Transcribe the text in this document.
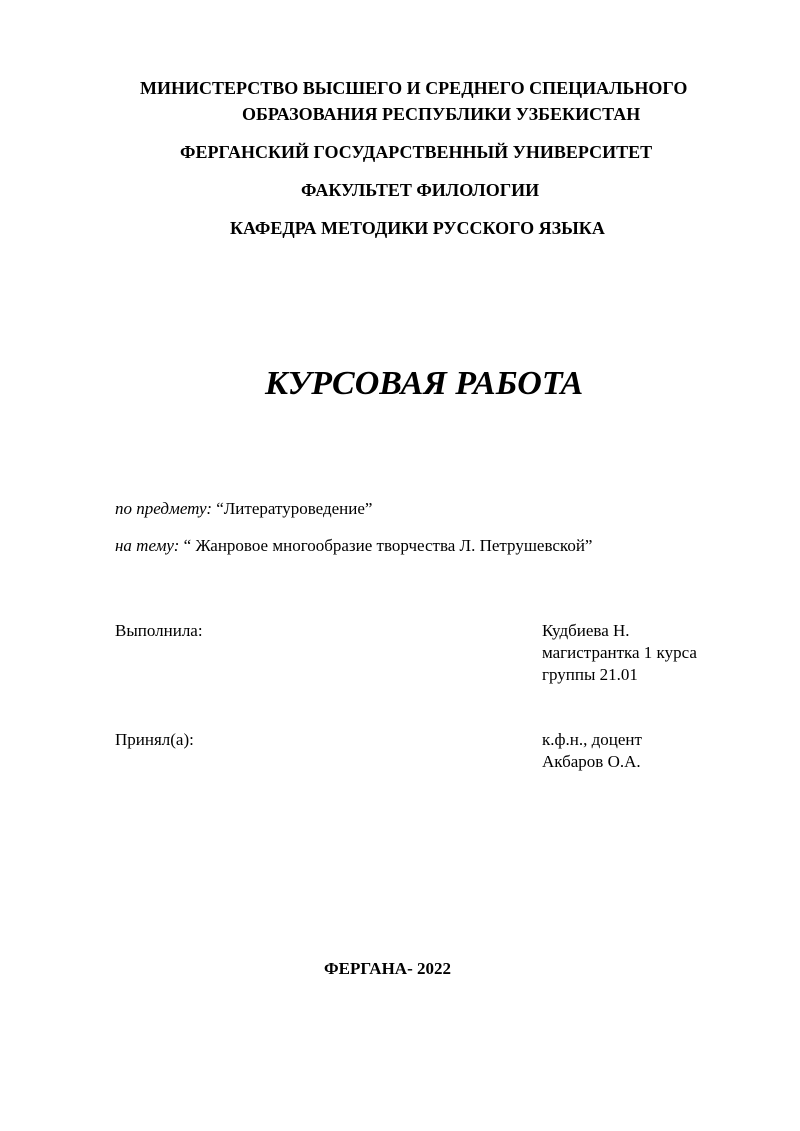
МИНИСТЕРСТВО ВЫСШЕГО И СРЕДНЕГО СПЕЦИАЛЬНОГО
ОБРАЗОВАНИЯ РЕСПУБЛИКИ УЗБЕКИСТАН
ФЕРГАНСКИЙ ГОСУДАРСТВЕННЫЙ УНИВЕРСИТЕТ
ФАКУЛЬТЕТ ФИЛОЛОГИИ
КАФЕДРА МЕТОДИКИ РУССКОГО ЯЗЫКА
КУРСОВАЯ РАБОТА
по предмету: “Литературоведение”
на тему: “ Жанровое многообразие творчества Л. Петрушевской”
Выполнила:	Кудбиева Н.
магистрантка 1 курса
группы 21.01
Принял(а):	к.ф.н., доцент
Акбаров О.А.
ФЕРГАНА- 2022
